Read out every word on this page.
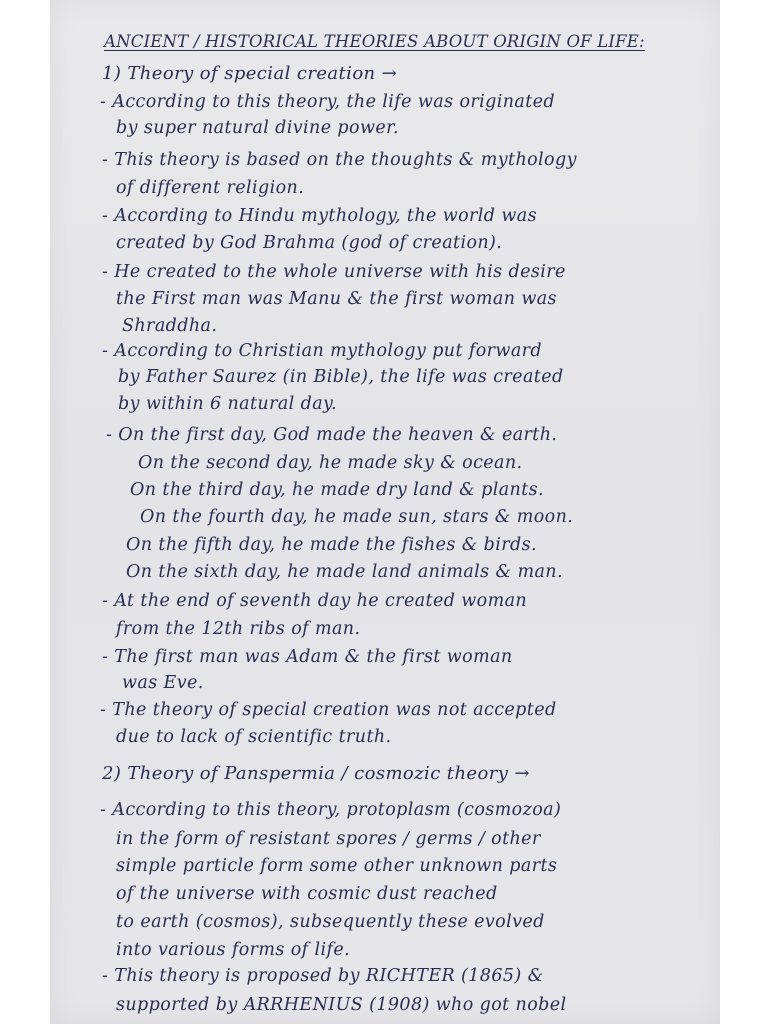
ANCIENT / HISTORICAL THEORIES ABOUT ORIGIN OF LIFE:
1) Theory of special creation →
- According to this theory, the life was originated
by super natural divine power.
- This theory is based on the thoughts & mythology
of different religion.
- According to Hindu mythology, the world was
created by God Brahma (god of creation).
- He created to the whole universe with his desire
the First man was Manu & the first woman was
Shraddha.
- According to Christian mythology put forward
by Father Saurez (in Bible), the life was created
by within 6 natural day.
- On the first day, God made the heaven & earth.
On the second day, he made sky & ocean.
On the third day, he made dry land & plants.
On the fourth day, he made sun, stars & moon.
On the fifth day, he made the fishes & birds.
On the sixth day, he made land animals & man.
- At the end of seventh day he created woman
from the 12th ribs of man.
- The first man was Adam & the first woman
was Eve.
- The theory of special creation was not accepted
due to lack of scientific truth.
2) Theory of Panspermia / cosmozic theory →
- According to this theory, protoplasm (cosmozoa)
in the form of resistant spores / germs / other
simple particle form some other unknown parts
of the universe with cosmic dust reached
to earth (cosmos), subsequently these evolved
into various forms of life.
- This theory is proposed by RICHTER (1865) &
supported by ARRHENIUS (1908) who got nobel
